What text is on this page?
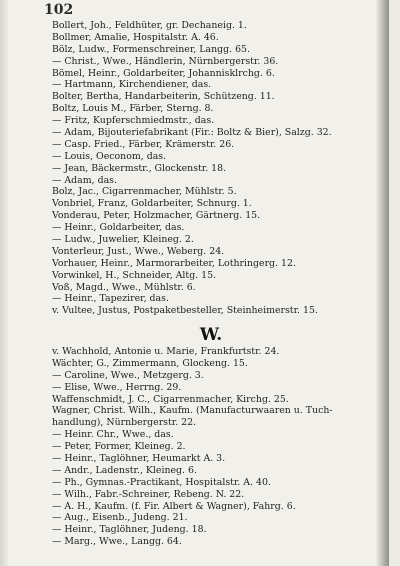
102
Bollert, Joh., Feldhüter, gr. Dechaneig. 1.
Bollmer, Amalie, Hospitalstr. A. 46.
Bölz, Ludw., Formenschreiner, Langg. 65.
— Christ., Wwe., Händlerin, Nürnbergerstr. 36.
Bömel, Heinr., Goldarbeiter, Johannisklrchg. 6.
* — Hartmann, Kirchendiener, das.
Bolter, Bertha, Handarbeiterin, Schützeng. 11.
* Boltz, Louis M., Färber, Sterng. 8.
— Fritz, Kupferschmiedmstr., das.
* — Adam, Bijouteriefabrikant (Fir.: Boltz & Bier), Salzg. 32.
* — Casp. Fried., Färber, Krämerstr. 26.
— Louis, Oeconom, das.
* — Jean, Bäckermstr., Glockenstr. 18.
— Adam, das.
Bolz, Jac., Cigarrenmacher, Mühlstr. 5.
Vonbriel, Franz, Goldarbeiter, Schnurg. 1.
* Vonderau, Peter, Holzmacher, Gärtnerg. 15.
— Heinr., Goldarbeiter, das.
— Ludw., Juwelier, Kleineg. 2.
Vonterleur, Just., Wwe., Weberg. 24.
Vorhauer, Heinr., Marmorarbeiter, Lothringerg. 12.
Vorwinkel, H., Schneider, Altg. 15.
Voß, Magd., Wwe., Mühlstr. 6.
— Heinr., Tapezirer, das.
v. Vultee, Justus, Postpaketbesteller, Steinheimerstr. 15.
W.
v. Wachhold, Antonie u. Marie, Frankfurtstr. 24.
Wächter, G., Zimmermann, Glockeng. 15.
— Caroline, Wwe., Metzgerg. 3.
— Elise, Wwe., Herrng. 29.
Waffenschmidt, J. C., Cigarrenmacher, Kirchg. 25.
* Wagner, Christ. Wilh., Kaufm. (Manufacturwaaren u. Tuch-
handlung), Nürnbergerstr. 22.
— Heinr. Chr., Wwe., das.
— Peter, Former, Kleineg. 2.
— Heinr., Taglöhner, Heumarkt A. 3.
— Andr., Ladenstr., Kleineg. 6.
— Ph., Gymnas.-Practikant, Hospitalstr. A. 40.
* — Wilh., Fabr.-Schreiner, Rebeng. N. 22.
— A. H., Kaufm. (f. Fir. Albert & Wagner), Fahrg. 6.
— Aug., Eisenb., Judeng. 21.
— Heinr., Taglöhner, Judeng. 18.
— Marg., Wwe., Langg. 64.
